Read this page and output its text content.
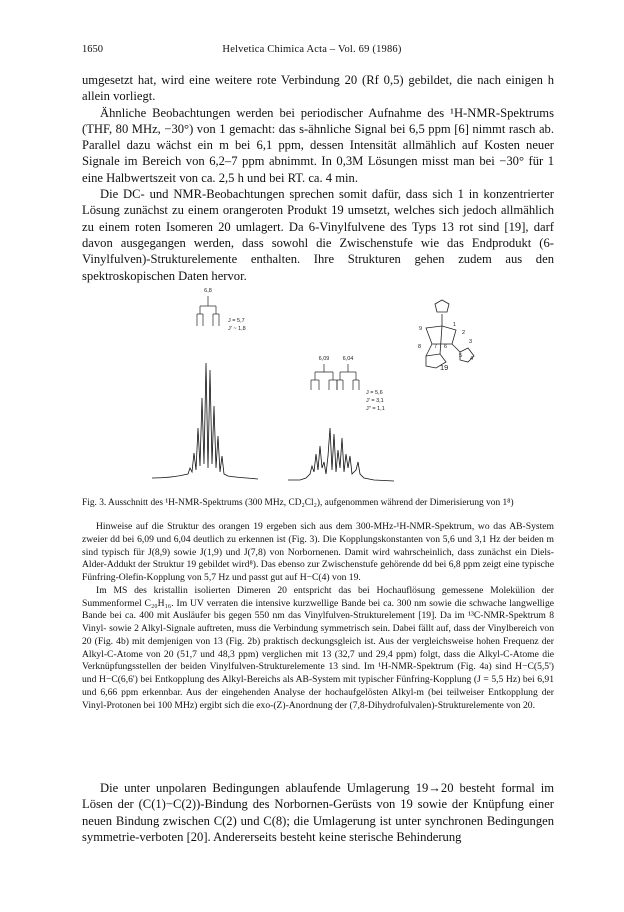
1650	Helvetica Chimica Acta – Vol. 69 (1986)

umgesetzt hat, wird eine weitere rote Verbindung 20 (Rf 0,5) gebildet, die nach einigen h allein vorliegt.

Ähnliche Beobachtungen werden bei periodischer Aufnahme des ¹H-NMR-Spektrums (THF, 80 MHz, −30°) von 1 gemacht: das s-ähnliche Signal bei 6,5 ppm [6] nimmt rasch ab. Parallel dazu wächst ein m bei 6,1 ppm, dessen Intensität allmählich auf Kosten neuer Signale im Bereich von 6,2–7 ppm abnimmt. In 0,3M Lösungen misst man bei −30° für 1 eine Halbwertszeit von ca. 2,5 h und bei RT. ca. 4 min.

Die DC- und NMR-Beobachtungen sprechen somit dafür, dass sich 1 in konzentrierter Lösung zunächst zu einem orangeroten Produkt 19 umsetzt, welches sich jedoch allmählich zu einem roten Isomeren 20 umlagert. Da 6-Vinylfulvene des Typs 13 rot sind [19], darf davon ausgegangen werden, dass sowohl die Zwischenstufe wie das Endprodukt (6-Vinylfulven)-Strukturelemente enthalten. Ihre Strukturen gehen zudem aus den spektroskopischen Daten hervor.

6,8
J = 5,7
J' ~ 1,8
6,09 6,04
J = 5,6
J' = 3,1
J'' = 1,1
9
1
2
3
4
5
6
7
8
19
Fig. 3. Ausschnitt des ¹H-NMR-Spektrums (300 MHz, CD₂Cl₂), aufgenommen während der Dimerisierung von 1⁸)

Hinweise auf die Struktur des orangen 19 ergeben sich aus dem 300-MHz-¹H-NMR-Spektrum, wo das AB-System zweier dd bei 6,09 und 6,04 deutlich zu erkennen ist (Fig. 3). Die Kopplungskonstanten von 5,6 und 3,1 Hz der beiden m sind typisch für J(8,9) sowie J(1,9) und J(7,8) von Norbornenen. Damit wird wahrscheinlich, dass zunächst ein Diels-Alder-Addukt der Struktur 19 gebildet wird⁸). Das ebenso zur Zwischenstufe gehörende dd bei 6,8 ppm zeigt eine typische Fünfring-Olefin-Kopplung von 5,7 Hz und passt gut auf H−C(4) von 19.

Im MS des kristallin isolierten Dimeren 20 entspricht das bei Hochauflösung gemessene Molekülion der Summenformel C₂₀H₁₆. Im UV verraten die intensive kurzwellige Bande bei ca. 300 nm sowie die schwache langwellige Bande bei ca. 400 mit Ausläufer bis gegen 550 nm das Vinylfulven-Strukturelement [19]. Da im ¹³C-NMR-Spektrum 8 Vinyl- sowie 2 Alkyl-Signale auftreten, muss die Verbindung symmetrisch sein. Dabei fällt auf, dass der Vinylbereich von 20 (Fig. 4b) mit demjenigen von 13 (Fig. 2b) praktisch deckungsgleich ist. Aus der vergleichsweise hohen Frequenz der Alkyl-C-Atome von 20 (51,7 und 48,3 ppm) verglichen mit 13 (32,7 und 29,4 ppm) folgt, dass die Alkyl-C-Atome die Verknüpfungsstellen der beiden Vinylfulven-Strukturelemente 13 sind. Im ¹H-NMR-Spektrum (Fig. 4a) sind H−C(5,5') und H−C(6,6') bei Entkopplung des Alkyl-Bereichs als AB-System mit typischer Fünfring-Kopplung (J = 5,5 Hz) bei 6,91 und 6,66 ppm erkennbar. Aus der eingehenden Analyse der hochaufgelösten Alkyl-m (bei teilweiser Entkopplung der Vinyl-Protonen bei 100 MHz) ergibt sich die exo-(Z)-Anordnung der (7,8-Dihydrofulvalen)-Strukturelemente von 20.

Die unter unpolaren Bedingungen ablaufende Umlagerung 19→20 besteht formal im Lösen der (C(1)−C(2))-Bindung des Norbornen-Gerüsts von 19 sowie der Knüpfung einer neuen Bindung zwischen C(2) und C(8); die Umlagerung ist unter synchronen Bedingungen symmetrie-verboten [20]. Andererseits besteht keine sterische Behinderung
